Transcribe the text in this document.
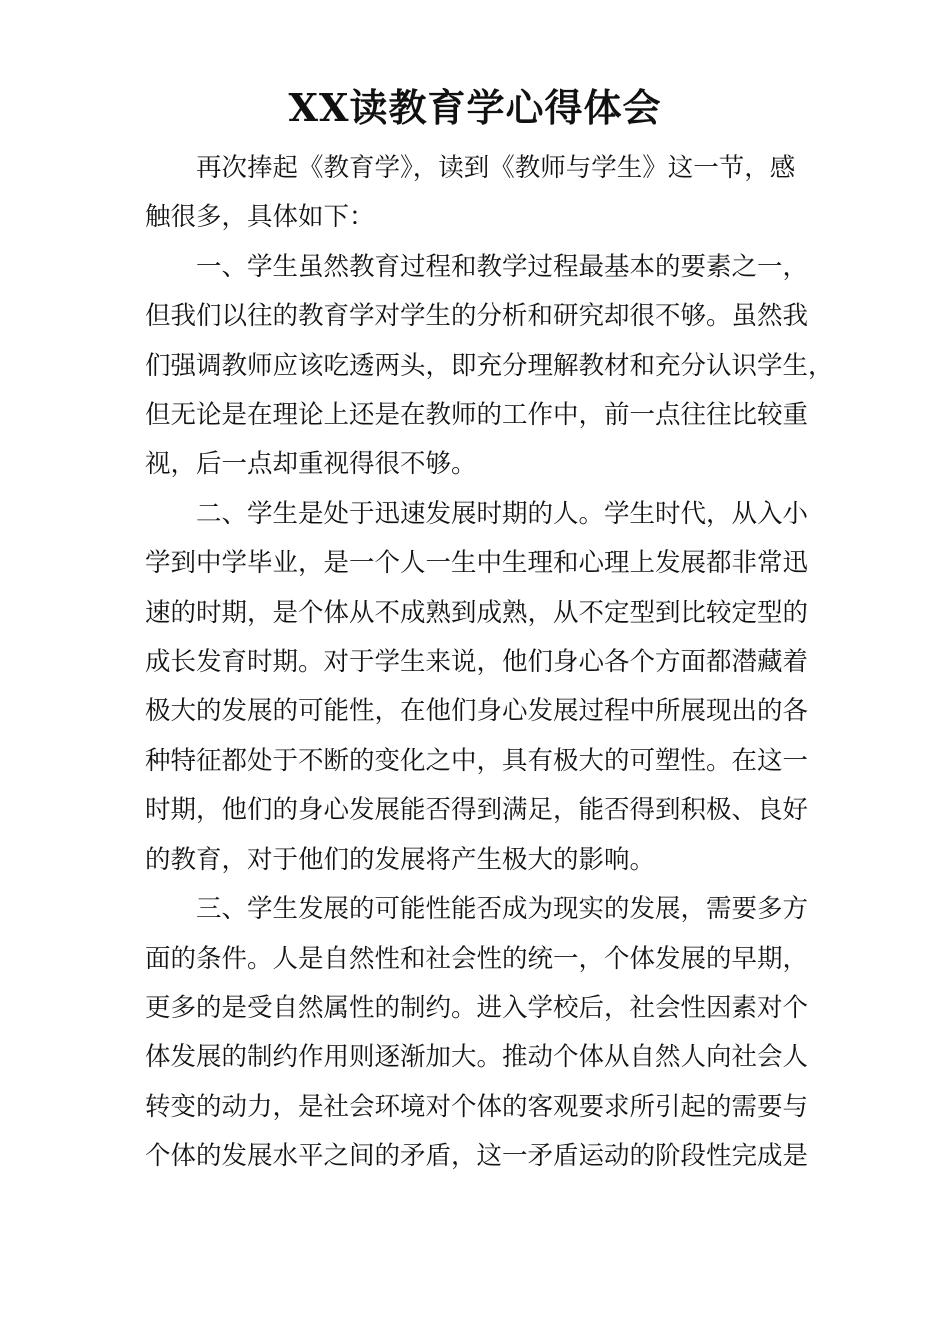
XX读教育学心得体会

再次捧起《教育学》，读到《教师与学生》这一节，感
触很多，具体如下：

一、学生虽然教育过程和教学过程最基本的要素之一，
但我们以往的教育学对学生的分析和研究却很不够。虽然我
们强调教师应该吃透两头，即充分理解教材和充分认识学生，
但无论是在理论上还是在教师的工作中，前一点往往比较重
视，后一点却重视得很不够。

二、学生是处于迅速发展时期的人。学生时代，从入小
学到中学毕业，是一个人一生中生理和心理上发展都非常迅
速的时期，是个体从不成熟到成熟，从不定型到比较定型的
成长发育时期。对于学生来说，他们身心各个方面都潜藏着
极大的发展的可能性，在他们身心发展过程中所展现出的各
种特征都处于不断的变化之中，具有极大的可塑性。在这一
时期，他们的身心发展能否得到满足，能否得到积极、良好
的教育，对于他们的发展将产生极大的影响。

三、学生发展的可能性能否成为现实的发展，需要多方
面的条件。人是自然性和社会性的统一，个体发展的早期，
更多的是受自然属性的制约。进入学校后，社会性因素对个
体发展的制约作用则逐渐加大。推动个体从自然人向社会人
转变的动力，是社会环境对个体的客观要求所引起的需要与
个体的发展水平之间的矛盾，这一矛盾运动的阶段性完成是
